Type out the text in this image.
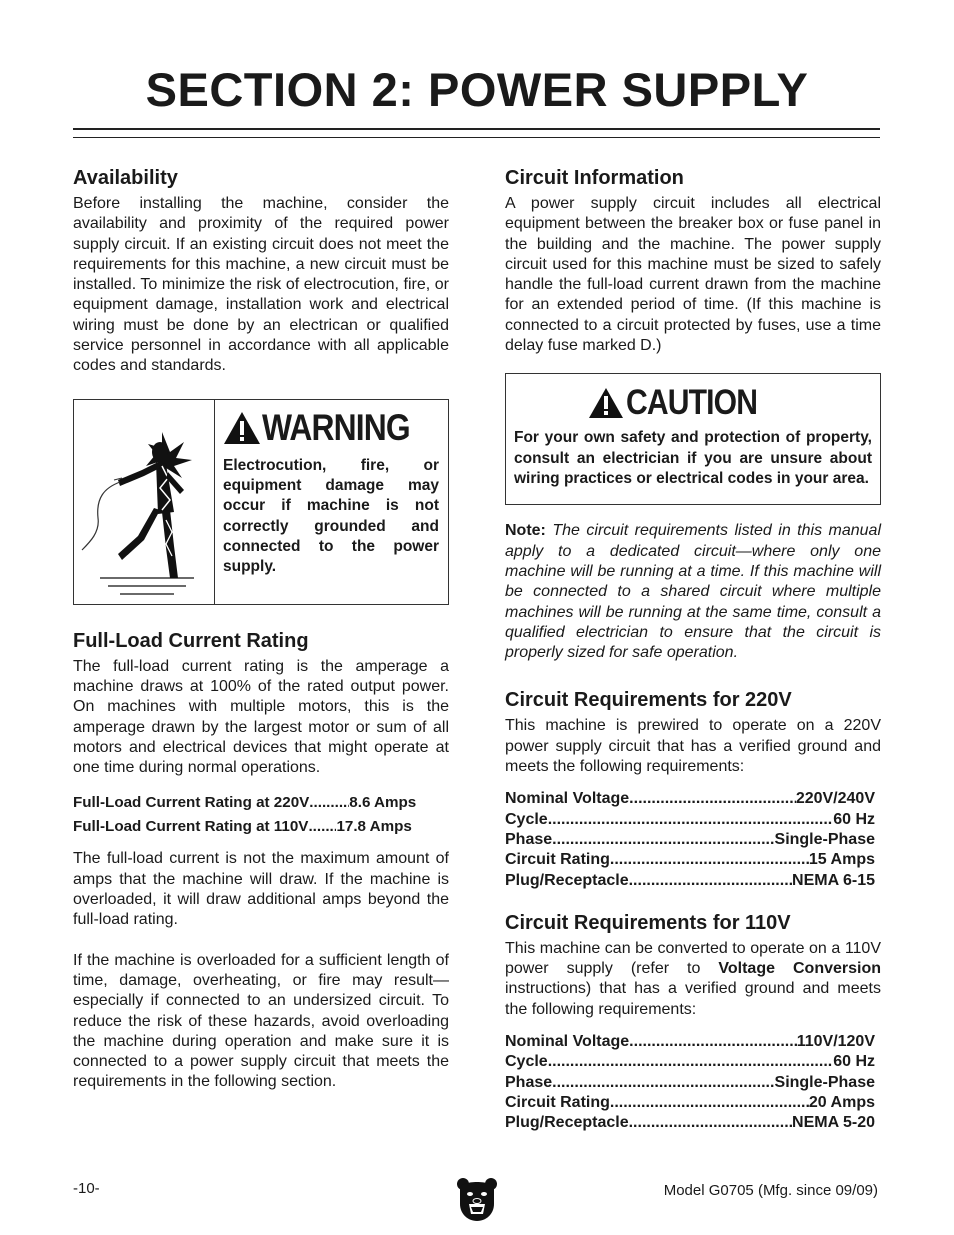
SECTION 2: POWER SUPPLY
Availability

Before installing the machine, consider the availability and proximity of the required power supply circuit. If an existing circuit does not meet the requirements for this machine, a new circuit must be installed. To minimize the risk of electrocution, fire, or equipment damage, installation work and electrical wiring must be done by an electrican or qualified service personnel in accordance with all applicable codes and standards.

WARNING

Electrocution, fire, or equipment damage may occur if machine is not correctly grounded and connected to the power supply.

Full-Load Current Rating

The full-load current rating is the amperage a machine draws at 100% of the rated output power. On machines with multiple motors, this is the amperage drawn by the largest motor or sum of all motors and electrical devices that might operate at one time during normal operations.

Full-Load Current Rating at 220V .....	8.6 Amps
Full-Load Current Rating at 110V ..... 17.8 Amps

The full-load current is not the maximum amount of amps that the machine will draw. If the machine is overloaded, it will draw additional amps beyond the full-load rating.

If the machine is overloaded for a sufficient length of time, damage, overheating, or fire may result—especially if connected to an undersized circuit. To reduce the risk of these hazards, avoid overloading the machine during operation and make sure it is connected to a power supply circuit that meets the requirements in the following section.

Circuit Information

A power supply circuit includes all electrical equipment between the breaker box or fuse panel in the building and the machine. The power supply circuit used for this machine must be sized to safely handle the full-load current drawn from the machine for an extended period of time. (If this machine is connected to a circuit protected by fuses, use a time delay fuse marked D.)

CAUTION

For your own safety and protection of property, consult an electrician if you are unsure about wiring practices or electrical codes in your area.

Note: The circuit requirements listed in this manual apply to a dedicated circuit—where only one machine will be running at a time. If this machine will be connected to a shared circuit where multiple machines will be running at the same time, consult a qualified electrician to ensure that the circuit is properly sized for safe operation.

Circuit Requirements for 220V

This machine is prewired to operate on a 220V power supply circuit that has a verified ground and meets the following requirements:

Nominal Voltage .....	220V/240V
Cycle .....	60 Hz
Phase .....	Single-Phase
Circuit Rating .....	15 Amps
Plug/Receptacle .....	NEMA 6-15
Circuit Requirements for 110V

This machine can be converted to operate on a 110V power supply (refer to Voltage Conversion instructions) that has a verified ground and meets the following requirements:

Nominal Voltage .....	110V/120V
Cycle .....	60 Hz
Phase .....	Single-Phase
Circuit Rating .....	20 Amps
Plug/Receptacle .....	NEMA 5-20
-10-	Model G0705 (Mfg. since 09/09)
